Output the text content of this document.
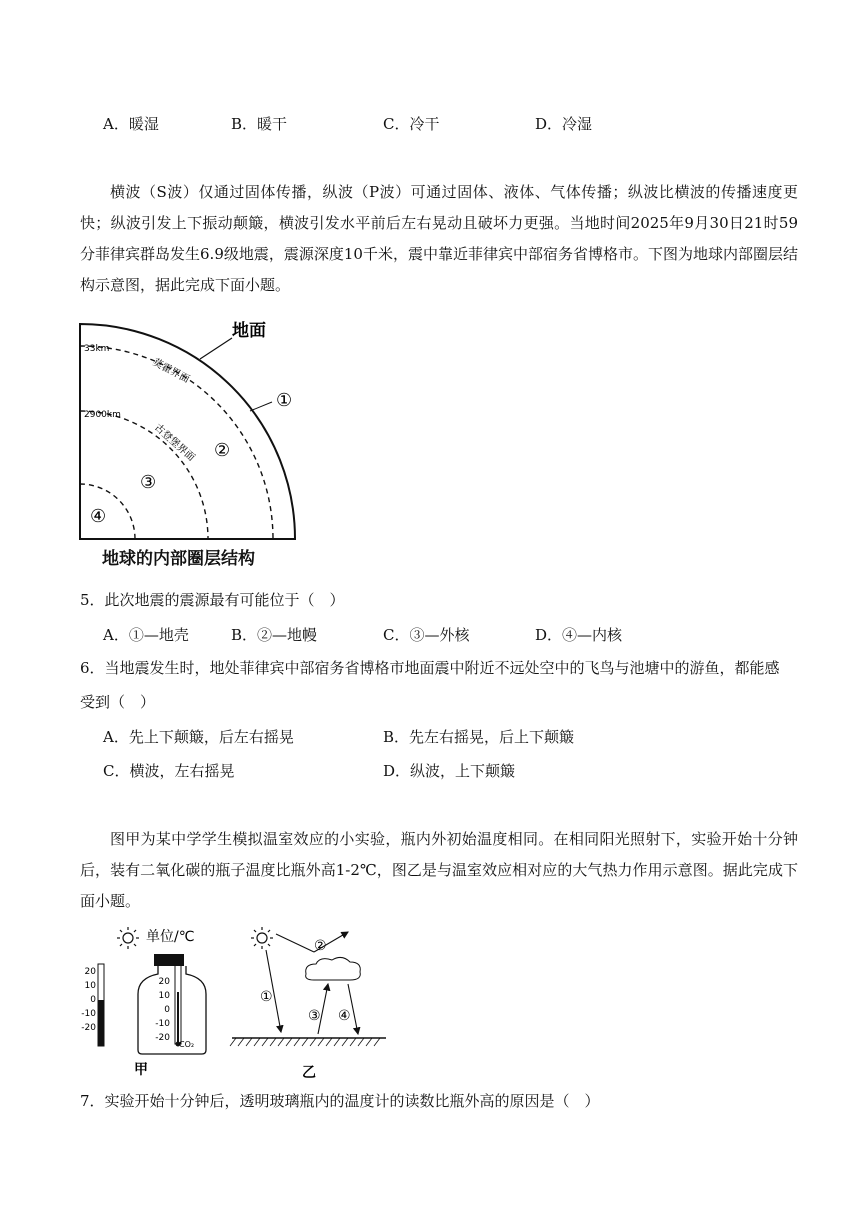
A．暖湿	B．暖干	C．冷干	D．冷湿
横波（S波）仅通过固体传播，纵波（P波）可通过固体、液体、气体传播；纵波比横波的传播速度更快；纵波引发上下振动颠簸，横波引发水平前后左右晃动且破坏力更强。当地时间2025年9月30日21时59分菲律宾群岛发生6.9级地震，震源深度10千米，震中靠近菲律宾中部宿务省博格市。下图为地球内部圈层结构示意图，据此完成下面小题。
地面
33km
2900km
莫霍界面
古登堡界面
①
②
③
④
地球的内部圈层结构
5．此次地震的震源最有可能位于（　）
A．①—地壳	B．②—地幔	C．③—外核	D．④—内核
6．当地震发生时，地处菲律宾中部宿务省博格市地面震中附近不远处空中的飞鸟与池塘中的游鱼，都能感
受到（　）
A．先上下颠簸，后左右摇晃	B．先左右摇晃，后上下颠簸
C．横波，左右摇晃	D．纵波，上下颠簸
图甲为某中学学生模拟温室效应的小实验，瓶内外初始温度相同。在相同阳光照射下，实验开始十分钟后，装有二氧化碳的瓶子温度比瓶外高1-2℃，图乙是与温室效应相对应的大气热力作用示意图。据此完成下面小题。
单位/℃
20
10
0
-10
-20
20
10
0
-10
-20
CO₂
甲
①
②
③ ④
乙
7．实验开始十分钟后，透明玻璃瓶内的温度计的读数比瓶外高的原因是（　）
